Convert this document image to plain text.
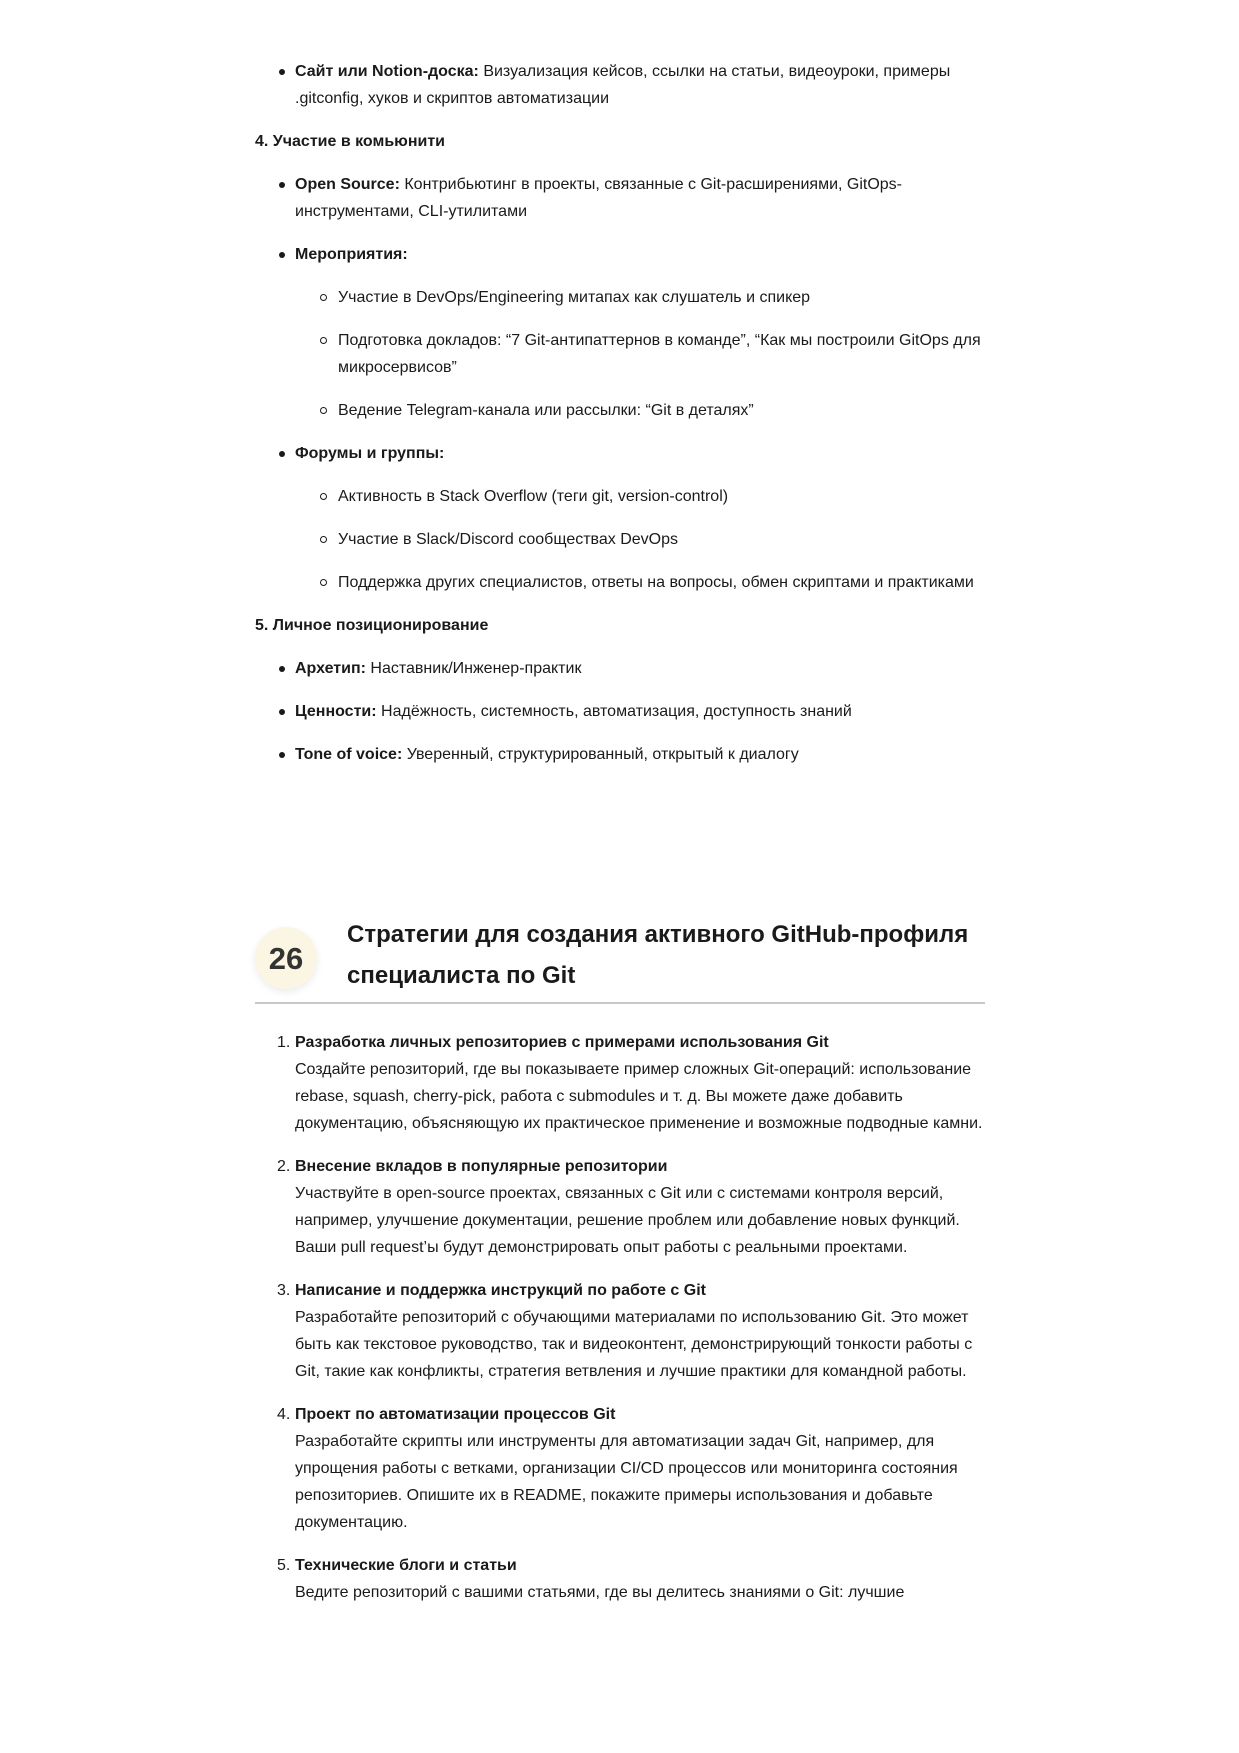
Сайт или Notion-доска: Визуализация кейсов, ссылки на статьи, видеоуроки, примеры .gitconfig, хуков и скриптов автоматизации
4. Участие в комьюнити
Open Source: Контрибьютинг в проекты, связанные с Git-расширениями, GitOps-инструментами, CLI-утилитами
Мероприятия:
Участие в DevOps/Engineering митапах как слушатель и спикер
Подготовка докладов: “7 Git-антипаттернов в команде”, “Как мы построили GitOps для микросервисов”
Ведение Telegram-канала или рассылки: “Git в деталях”
Форумы и группы:
Активность в Stack Overflow (теги git, version-control)
Участие в Slack/Discord сообществах DevOps
Поддержка других специалистов, ответы на вопросы, обмен скриптами и практиками
5. Личное позиционирование
Архетип: Наставник/Инженер-практик
Ценности: Надёжность, системность, автоматизация, доступность знаний
Tone of voice: Уверенный, структурированный, открытый к диалогу
26
Стратегии для создания активного GitHub-профиля специалиста по Git
1. Разработка личных репозиториев с примерами использования Git
Создайте репозиторий, где вы показываете пример сложных Git-операций: использование rebase, squash, cherry-pick, работа с submodules и т. д. Вы можете даже добавить документацию, объясняющую их практическое применение и возможные подводные камни.
2. Внесение вкладов в популярные репозитории
Участвуйте в open-source проектах, связанных с Git или с системами контроля версий, например, улучшение документации, решение проблем или добавление новых функций. Ваши pull request’ы будут демонстрировать опыт работы с реальными проектами.
3. Написание и поддержка инструкций по работе с Git
Разработайте репозиторий с обучающими материалами по использованию Git. Это может быть как текстовое руководство, так и видеоконтент, демонстрирующий тонкости работы с Git, такие как конфликты, стратегия ветвления и лучшие практики для командной работы.
4. Проект по автоматизации процессов Git
Разработайте скрипты или инструменты для автоматизации задач Git, например, для упрощения работы с ветками, организации CI/CD процессов или мониторинга состояния репозиториев. Опишите их в README, покажите примеры использования и добавьте документацию.
5. Технические блоги и статьи
Ведите репозиторий с вашими статьями, где вы делитесь знаниями о Git: лучшие
